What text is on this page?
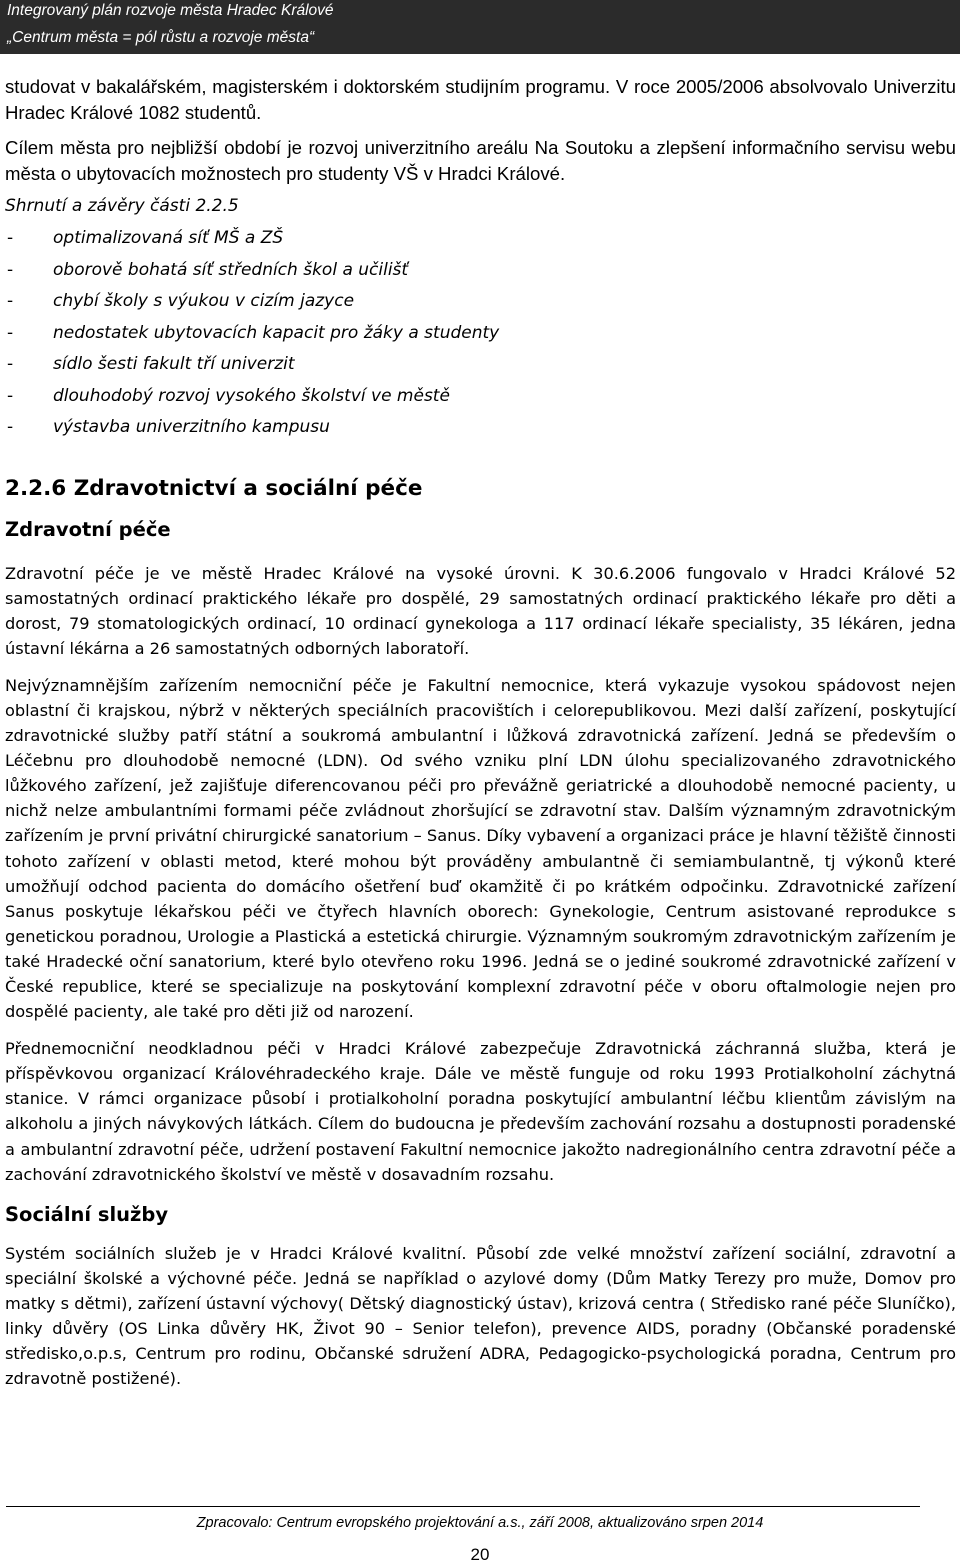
Integrovaný plán rozvoje města Hradec Králové
„Centrum města = pól růstu a rozvoje města“

studovat v bakalářském, magisterském i doktorském studijním programu. V roce 2005/2006 absolvovalo Univerzitu Hradec Králové 1082 studentů.

Cílem města pro nejbližší období je rozvoj univerzitního areálu Na Soutoku a zlepšení informačního servisu webu města o ubytovacích možnostech pro studenty VŠ v Hradci Králové.

Shrnutí a závěry části 2.2.5
- optimalizovaná síť MŠ a ZŠ
- oborově bohatá síť středních škol a učilišť
- chybí školy s výukou v cizím jazyce
- nedostatek ubytovacích kapacit pro žáky a studenty
- sídlo šesti fakult tří univerzit
- dlouhodobý rozvoj vysokého školství ve městě
- výstavba univerzitního kampusu
2.2.6 Zdravotnictví a sociální péče
Zdravotní péče

Zdravotní péče je ve městě Hradec Králové na vysoké úrovni. K 30.6.2006 fungovalo v Hradci Králové 52 samostatných ordinací praktického lékaře pro dospělé, 29 samostatných ordinací praktického lékaře pro děti a dorost, 79 stomatologických ordinací, 10 ordinací gynekologa a 117 ordinací lékaře specialisty, 35 lékáren, jedna ústavní lékárna a 26 samostatných odborných laboratoří.

Nejvýznamnějším zařízením nemocniční péče je Fakultní nemocnice, která vykazuje vysokou spádovost nejen oblastní či krajskou, nýbrž v některých speciálních pracovištích i celorepublikovou. Mezi další zařízení, poskytující zdravotnické služby patří státní a soukromá ambulantní i lůžková zdravotnická zařízení. Jedná se především o Léčebnu pro dlouhodobě nemocné (LDN). Od svého vzniku plní LDN úlohu specializovaného zdravotnického lůžkového zařízení, jež zajišťuje diferencovanou péči pro převážně geriatrické a dlouhodobě nemocné pacienty, u nichž nelze ambulantními formami péče zvládnout zhoršující se zdravotní stav. Dalším významným zdravotnickým zařízením je první privátní chirurgické sanatorium – Sanus. Díky vybavení a organizaci práce je hlavní těžiště činnosti tohoto zařízení v oblasti metod, které mohou být prováděny ambulantně či semiambulantně, tj výkonů které umožňují odchod pacienta do domácího ošetření buď okamžitě či po krátkém odpočinku. Zdravotnické zařízení Sanus poskytuje lékařskou péči ve čtyřech hlavních oborech: Gynekologie, Centrum asistované reprodukce s genetickou poradnou, Urologie a Plastická a estetická chirurgie. Významným soukromým zdravotnickým zařízením je také Hradecké oční sanatorium, které bylo otevřeno roku 1996. Jedná se o jediné soukromé zdravotnické zařízení v České republice, které se specializuje na poskytování komplexní zdravotní péče v oboru oftalmologie nejen pro dospělé pacienty, ale také pro děti již od narození.

Přednemocniční neodkladnou péči v Hradci Králové zabezpečuje Zdravotnická záchranná služba, která je příspěvkovou organizací Královéhradeckého kraje. Dále ve městě funguje od roku 1993 Protialkoholní záchytná stanice. V rámci organizace působí i protialkoholní poradna poskytující ambulantní léčbu klientům závislým na alkoholu a jiných návykových látkách. Cílem do budoucna je především zachování rozsahu a dostupnosti poradenské a ambulantní zdravotní péče, udržení postavení Fakultní nemocnice jakožto nadregionálního centra zdravotní péče a zachování zdravotnického školství ve městě v dosavadním rozsahu.

Sociální služby

Systém sociálních služeb je v Hradci Králové kvalitní. Působí zde velké množství zařízení sociální, zdravotní a speciální školské a výchovné péče. Jedná se například o azylové domy (Dům Matky Terezy pro muže, Domov pro matky s dětmi), zařízení ústavní výchovy( Dětský diagnostický ústav), krizová centra ( Středisko rané péče Sluníčko), linky důvěry (OS Linka důvěry HK, Život 90 – Senior telefon), prevence AIDS, poradny (Občanské poradenské středisko,o.p.s, Centrum pro rodinu, Občanské sdružení ADRA, Pedagogicko-psychologická poradna, Centrum pro zdravotně postižené).

Zpracovalo: Centrum evropského projektování a.s., září 2008, aktualizováno srpen 2014
20
